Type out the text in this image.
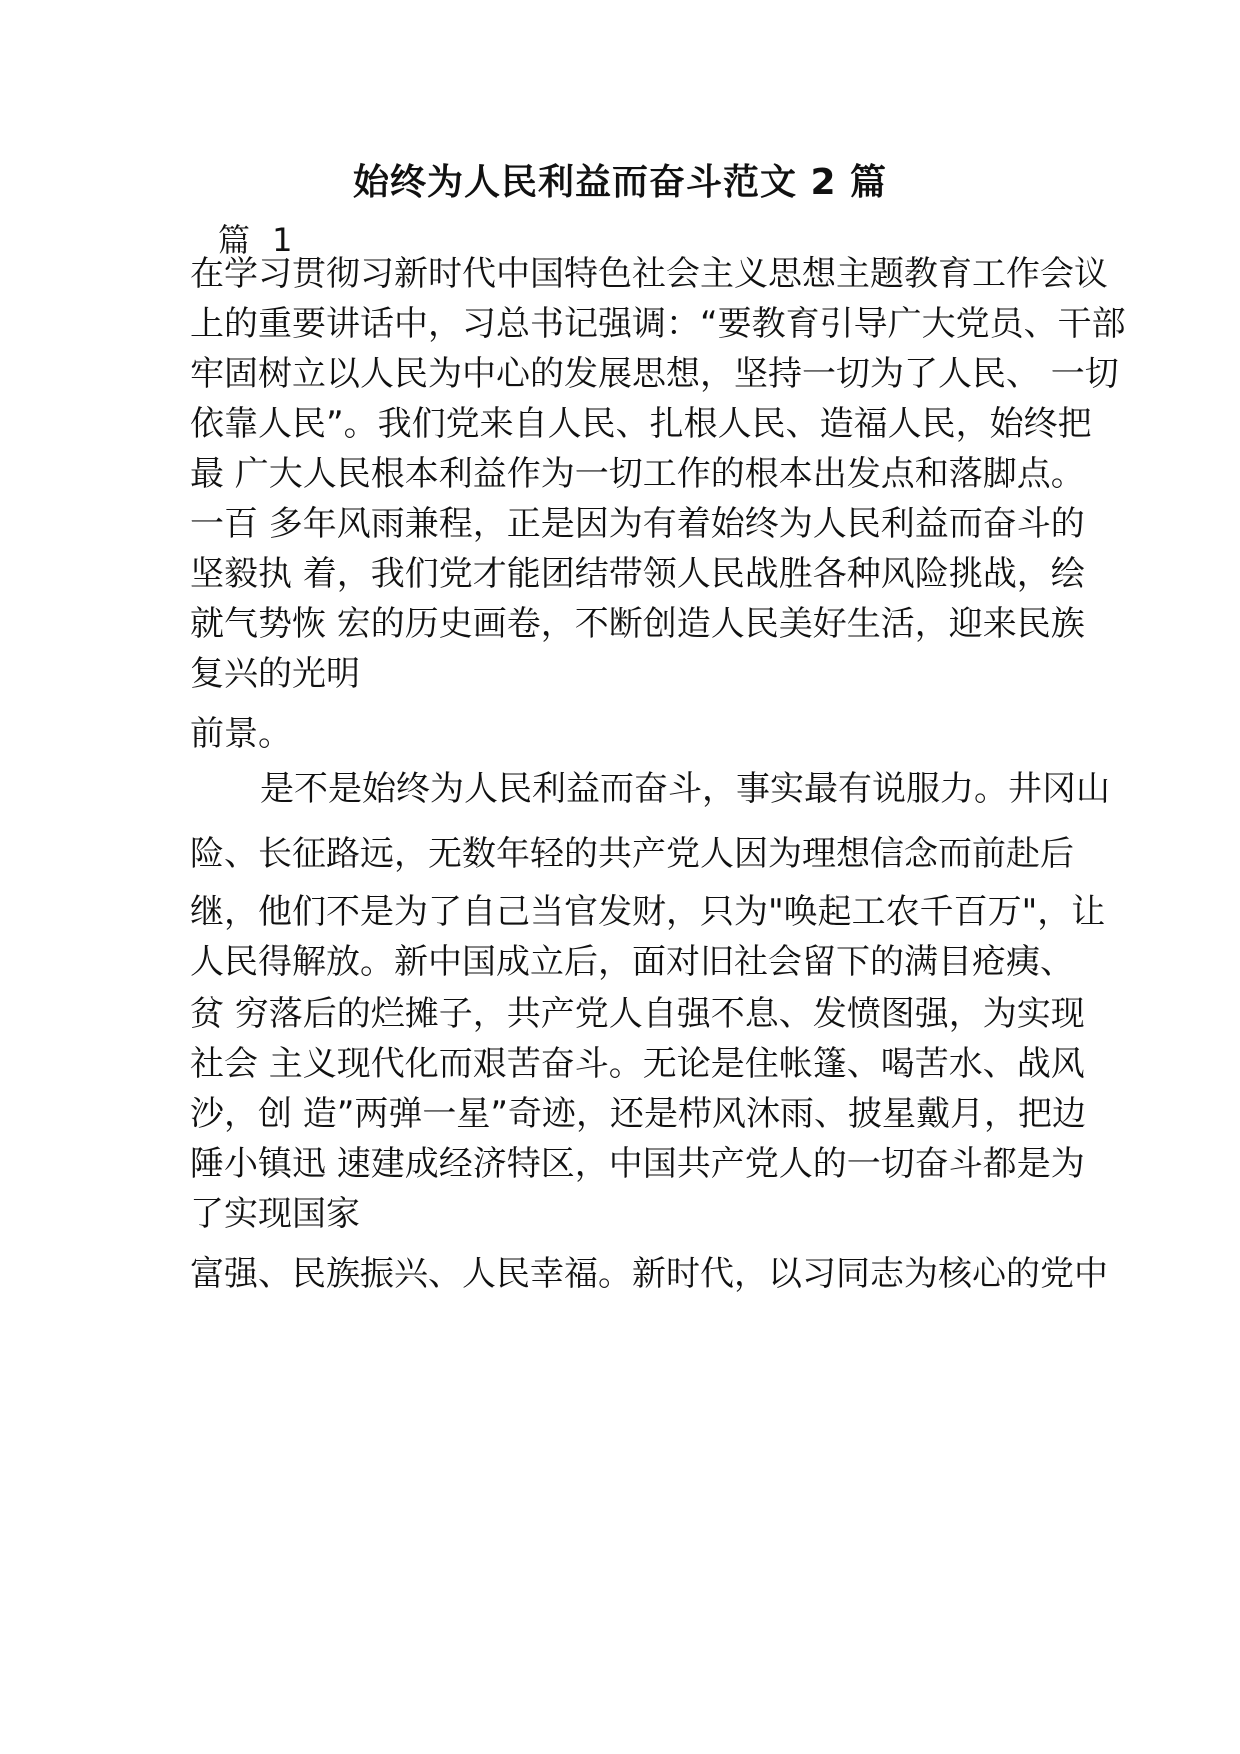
始终为人民利益而奋斗范文 2 篇

篇 1

在学习贯彻习新时代中国特色社会主义思想主题教育工作会议

上的重要讲话中，习总书记强调：“要教育引导广大党员、干部

牢固树立以人民为中心的发展思想，坚持一切为了人民、 一切

依靠人民”。我们党来自人民、扎根人民、造福人民，始终把

最 广大人民根本利益作为一切工作的根本出发点和落脚点。

一百 多年风雨兼程，正是因为有着始终为人民利益而奋斗的

坚毅执 着，我们党才能团结带领人民战胜各种风险挑战，绘

就气势恢 宏的历史画卷，不断创造人民美好生活，迎来民族

复兴的光明

前景。

是不是始终为人民利益而奋斗，事实最有说服力。井冈山

险、长征路远，无数年轻的共产党人因为理想信念而前赴后

继，他们不是为了自己当官发财，只为"唤起工农千百万"，让

人民得解放。新中国成立后，面对旧社会留下的满目疮痍、

贫 穷落后的烂摊子，共产党人自强不息、发愤图强，为实现

社会 主义现代化而艰苦奋斗。无论是住帐篷、喝苦水、战风

沙，创 造”两弹一星”奇迹，还是栉风沐雨、披星戴月，把边

陲小镇迅 速建成经济特区，中国共产党人的一切奋斗都是为

了实现国家

富强、民族振兴、人民幸福。新时代，以习同志为核心的党中
